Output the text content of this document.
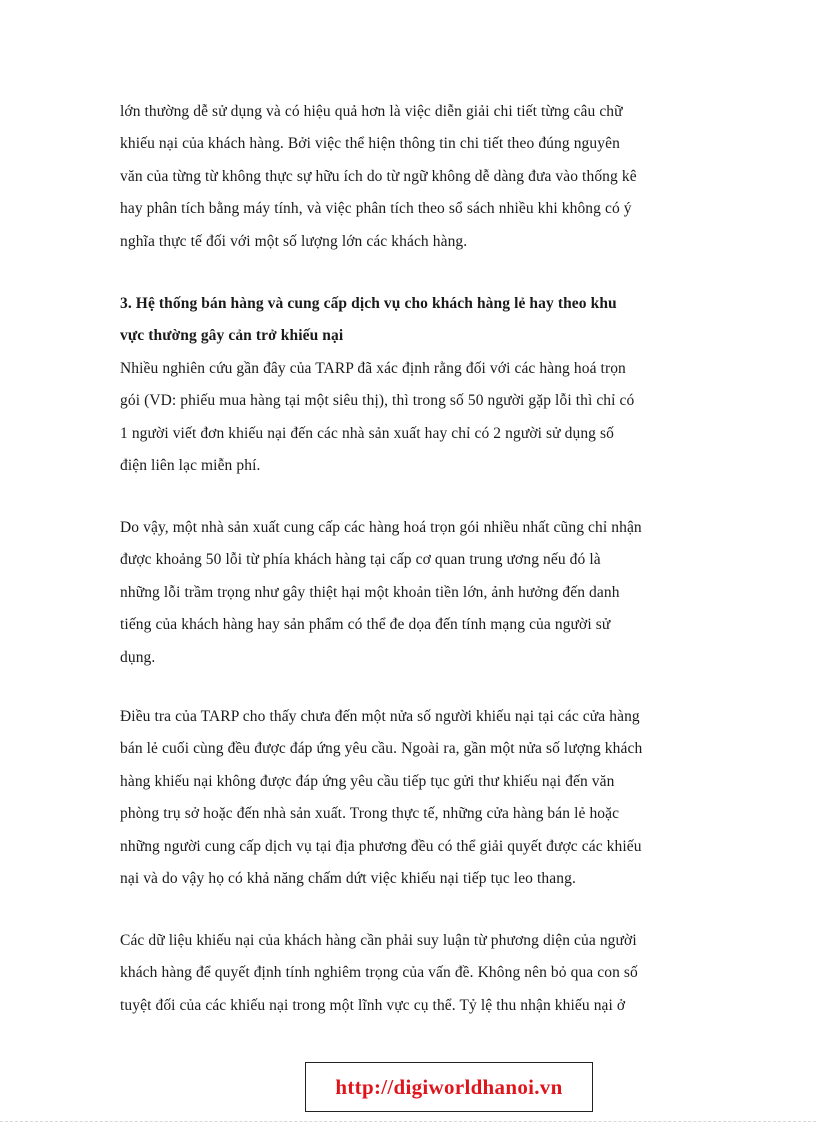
lớn thường dễ sử dụng và có hiệu quả hơn là việc diễn giải chi tiết từng câu chữ
khiếu nại của khách hàng. Bởi việc thể hiện thông tin chi tiết theo đúng nguyên
văn của từng từ không thực sự hữu ích do từ ngữ không dễ dàng đưa vào thống kê
hay phân tích bằng máy tính, và việc phân tích theo sổ sách nhiều khi không có ý
nghĩa thực tế đối với một số lượng lớn các khách hàng.
3. Hệ thống bán hàng và cung cấp dịch vụ cho khách hàng lẻ hay theo khu
vực thường gây cản trở khiếu nại
Nhiều nghiên cứu gần đây của TARP đã xác định rằng đối với các hàng hoá trọn
gói (VD: phiếu mua hàng tại một siêu thị), thì trong số 50 người gặp lỗi thì chỉ có
1 người viết đơn khiếu nại đến các nhà sản xuất hay chỉ có 2 người sử dụng số
điện liên lạc miễn phí.
Do vậy, một nhà sản xuất cung cấp các hàng hoá trọn gói nhiều nhất cũng chỉ nhận
được khoảng 50 lỗi từ phía khách hàng tại cấp cơ quan trung ương nếu đó là
những lỗi trầm trọng như gây thiệt hại một khoản tiền lớn, ảnh hưởng đến danh
tiếng của khách hàng hay sản phẩm có thể đe dọa đến tính mạng của người sử
dụng.
Điều tra của TARP cho thấy chưa đến một nửa số người khiếu nại tại các cửa hàng
bán lẻ cuối cùng đều được đáp ứng yêu cầu. Ngoài ra, gần một nửa số lượng khách
hàng khiếu nại không được đáp ứng yêu cầu tiếp tục gửi thư khiếu nại đến văn
phòng trụ sở hoặc đến nhà sản xuất. Trong thực tế, những cửa hàng bán lẻ hoặc
những người cung cấp dịch vụ tại địa phương đều có thể giải quyết được các khiếu
nại và do vậy họ có khả năng chấm dứt việc khiếu nại tiếp tục leo thang.
Các dữ liệu khiếu nại của khách hàng cần phải suy luận từ phương diện của người
khách hàng để quyết định tính nghiêm trọng của vấn đề. Không nên bỏ qua con số
tuyệt đối của các khiếu nại trong một lĩnh vực cụ thể. Tỷ lệ thu nhận khiếu nại ở
http://digiworldhanoi.vn
